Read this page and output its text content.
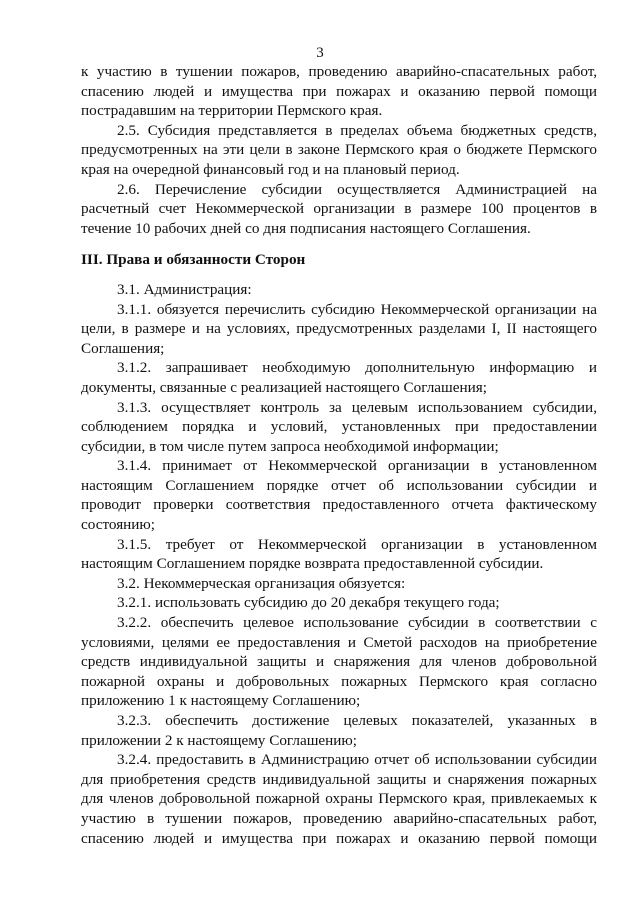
3

к участию в тушении пожаров, проведению аварийно-спасательных работ, спасению людей и имущества при пожарах и оказанию первой помощи пострадавшим на территории Пермского края.

2.5. Субсидия представляется в пределах объема бюджетных средств, предусмотренных на эти цели в законе Пермского края о бюджете Пермского края на очередной финансовый год и на плановый период.

2.6. Перечисление субсидии осуществляется Администрацией на расчетный счет Некоммерческой организации в размере 100 процентов в течение 10 рабочих дней со дня подписания настоящего Соглашения.

III. Права и обязанности Сторон

3.1. Администрация:

3.1.1. обязуется перечислить субсидию Некоммерческой организации на цели, в размере и на условиях, предусмотренных разделами I, II настоящего Соглашения;

3.1.2. запрашивает необходимую дополнительную информацию и документы, связанные с реализацией настоящего Соглашения;

3.1.3. осуществляет контроль за целевым использованием субсидии, соблюдением порядка и условий, установленных при предоставлении субсидии, в том числе путем запроса необходимой информации;

3.1.4. принимает от Некоммерческой организации в установленном настоящим Соглашением порядке отчет об использовании субсидии и проводит проверки соответствия предоставленного отчета фактическому состоянию;

3.1.5. требует от Некоммерческой организации в установленном настоящим Соглашением порядке возврата предоставленной субсидии.

3.2. Некоммерческая организация обязуется:

3.2.1. использовать субсидию до 20 декабря текущего года;

3.2.2. обеспечить целевое использование субсидии в соответствии с условиями, целями ее предоставления и Сметой расходов на приобретение средств индивидуальной защиты и снаряжения для членов добровольной пожарной охраны и добровольных пожарных Пермского края согласно приложению 1 к настоящему Соглашению;

3.2.3. обеспечить достижение целевых показателей, указанных в приложении 2 к настоящему Соглашению;

3.2.4. предоставить в Администрацию отчет об использовании субсидии для приобретения средств индивидуальной защиты и снаряжения пожарных для членов добровольной пожарной охраны Пермского края, привлекаемых к участию в тушении пожаров, проведению аварийно-спасательных работ, спасению людей и имущества при пожарах и оказанию первой помощи
